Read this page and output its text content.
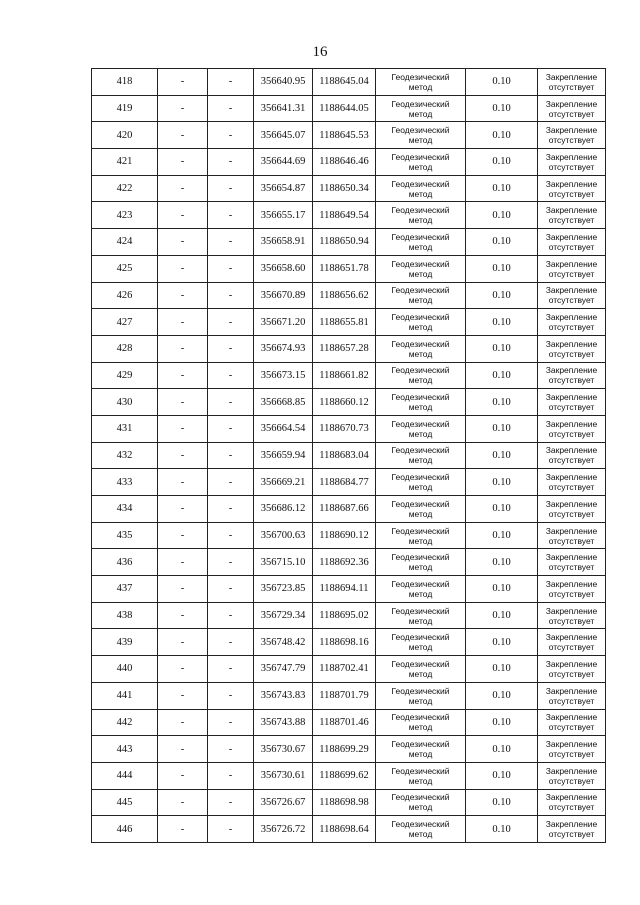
16
418	-	-	356640.95	1188645.04	Геодезический
метод	0.10	Закрепление
отсутствует

419	-	-	356641.31	1188644.05	Геодезический
метод	0.10	Закрепление
отсутствует

420	-	-	356645.07	1188645.53	Геодезический
метод	0.10	Закрепление
отсутствует

421	-	-	356644.69	1188646.46	Геодезический
метод	0.10	Закрепление
отсутствует

422	-	-	356654.87	1188650.34	Геодезический
метод	0.10	Закрепление
отсутствует

423	-	-	356655.17	1188649.54	Геодезический
метод	0.10	Закрепление
отсутствует

424	-	-	356658.91	1188650.94	Геодезический
метод	0.10	Закрепление
отсутствует

425	-	-	356658.60	1188651.78	Геодезический
метод	0.10	Закрепление
отсутствует

426	-	-	356670.89	1188656.62	Геодезический
метод	0.10	Закрепление
отсутствует

427	-	-	356671.20	1188655.81	Геодезический
метод	0.10	Закрепление
отсутствует

428	-	-	356674.93	1188657.28	Геодезический
метод	0.10	Закрепление
отсутствует

429	-	-	356673.15	1188661.82	Геодезический
метод	0.10	Закрепление
отсутствует

430	-	-	356668.85	1188660.12	Геодезический
метод	0.10	Закрепление
отсутствует

431	-	-	356664.54	1188670.73	Геодезический
метод	0.10	Закрепление
отсутствует

432	-	-	356659.94	1188683.04	Геодезический
метод	0.10	Закрепление
отсутствует

433	-	-	356669.21	1188684.77	Геодезический
метод	0.10	Закрепление
отсутствует

434	-	-	356686.12	1188687.66	Геодезический
метод	0.10	Закрепление
отсутствует

435	-	-	356700.63	1188690.12	Геодезический
метод	0.10	Закрепление
отсутствует

436	-	-	356715.10	1188692.36	Геодезический
метод	0.10	Закрепление
отсутствует

437	-	-	356723.85	1188694.11	Геодезический
метод	0.10	Закрепление
отсутствует

438	-	-	356729.34	1188695.02	Геодезический
метод	0.10	Закрепление
отсутствует

439	-	-	356748.42	1188698.16	Геодезический
метод	0.10	Закрепление
отсутствует

440	-	-	356747.79	1188702.41	Геодезический
метод	0.10	Закрепление
отсутствует

441	-	-	356743.83	1188701.79	Геодезический
метод	0.10	Закрепление
отсутствует

442	-	-	356743.88	1188701.46	Геодезический
метод	0.10	Закрепление
отсутствует

443	-	-	356730.67	1188699.29	Геодезический
метод	0.10	Закрепление
отсутствует

444	-	-	356730.61	1188699.62	Геодезический
метод	0.10	Закрепление
отсутствует

445	-	-	356726.67	1188698.98	Геодезический
метод	0.10	Закрепление
отсутствует

446	-	-	356726.72	1188698.64	Геодезический
метод	0.10	Закрепление
отсутствует
